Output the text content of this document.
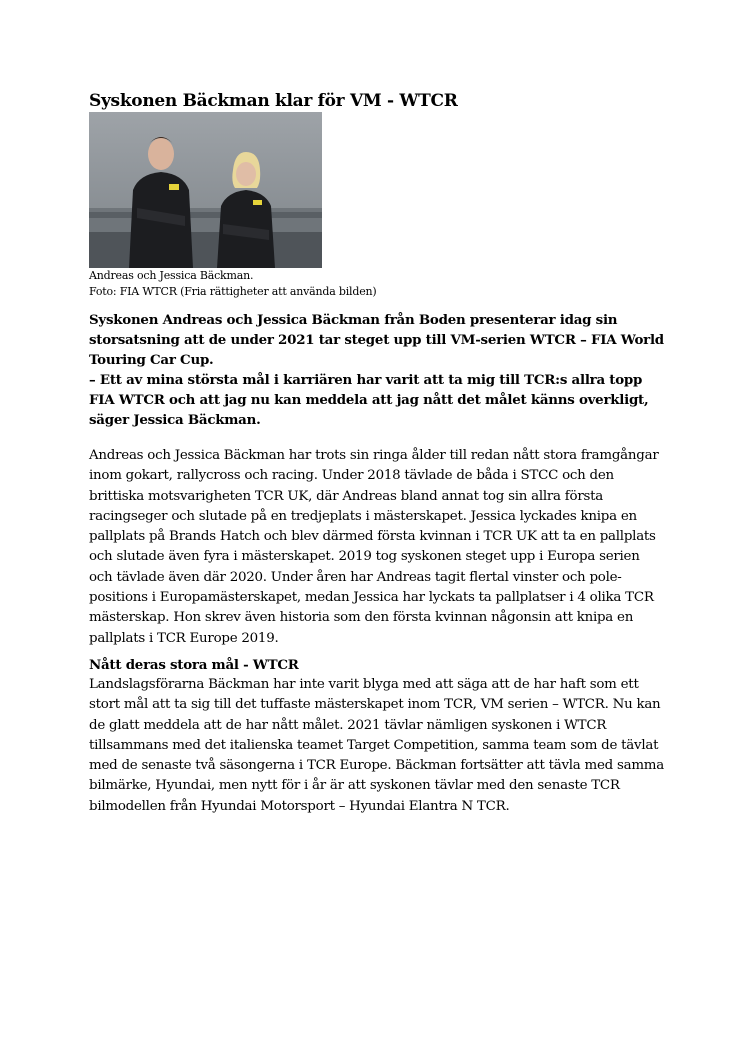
Syskonen Bäckman klar för VM - WTCR
Andreas och Jessica Bäckman.
Foto: FIA WTCR (Fria rättigheter att använda bilden)

Syskonen Andreas och Jessica Bäckman från Boden presenterar idag sin storsatsning att de under 2021 tar steget upp till VM-serien WTCR – FIA World Touring Car Cup.

– Ett av mina största mål i karriären har varit att ta mig till TCR:s allra topp FIA WTCR och att jag nu kan meddela att jag nått det målet känns overkligt, säger Jessica Bäckman.

Andreas och Jessica Bäckman har trots sin ringa ålder till redan nått stora framgångar inom gokart, rallycross och racing. Under 2018 tävlade de båda i STCC och den brittiska motsvarigheten TCR UK, där Andreas bland annat tog sin allra första racingseger och slutade på en tredjeplats i mästerskapet. Jessica lyckades knipa en pallplats på Brands Hatch och blev därmed första kvinnan i TCR UK att ta en pallplats och slutade även fyra i mästerskapet. 2019 tog syskonen steget upp i Europa serien och tävlade även där 2020. Under åren har Andreas tagit flertal vinster och pole-positions i Europamästerskapet, medan Jessica har lyckats ta pallplatser i 4 olika TCR mästerskap. Hon skrev även historia som den första kvinnan någonsin att knipa en pallplats i TCR Europe 2019.

Nått deras stora mål - WTCR

Landslagsförarna Bäckman har inte varit blyga med att säga att de har haft som ett stort mål att ta sig till det tuffaste mästerskapet inom TCR, VM serien – WTCR. Nu kan de glatt meddela att de har nått målet. 2021 tävlar nämligen syskonen i WTCR tillsammans med det italienska teamet Target Competition, samma team som de tävlat med de senaste två säsongerna i TCR Europe. Bäckman fortsätter att tävla med samma bilmärke, Hyundai, men nytt för i år är att syskonen tävlar med den senaste TCR bilmodellen från Hyundai Motorsport – Hyundai Elantra N TCR.
